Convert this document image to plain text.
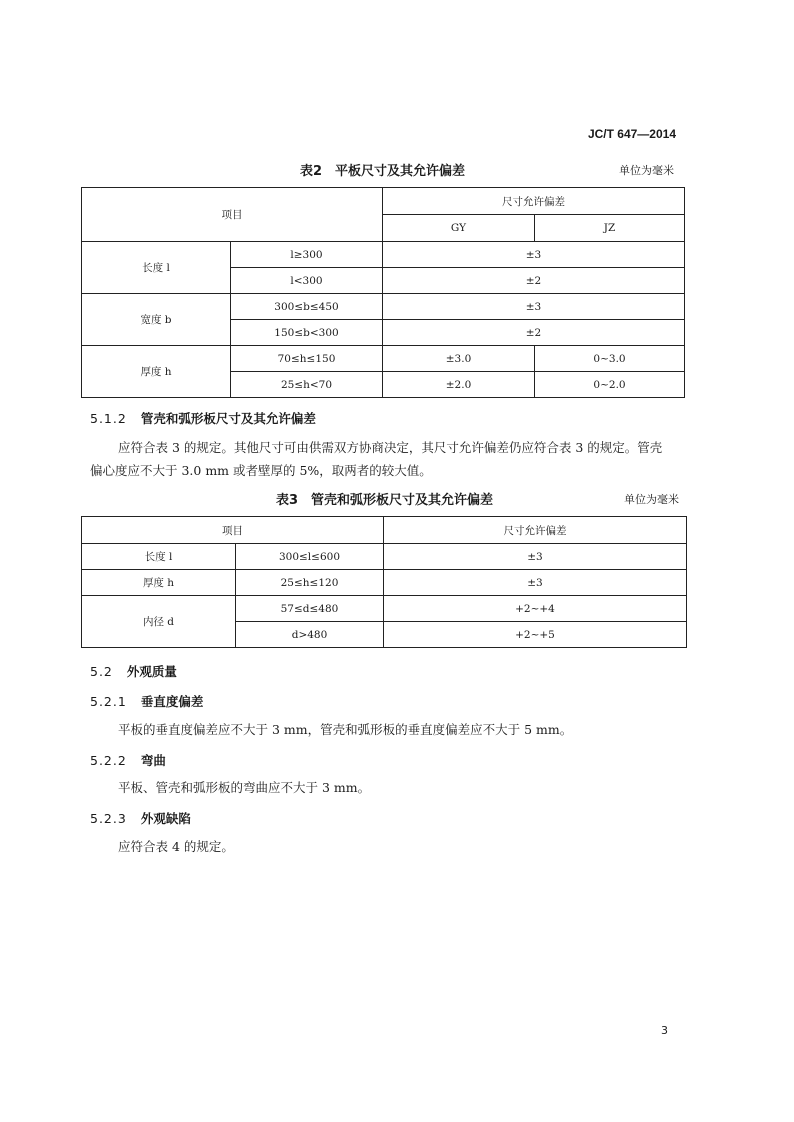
JC/T 647—2014
表2　平板尺寸及其允许偏差	单位为毫米
项目		尺寸允许偏差	
		GY	JZ
长度 l	l≥300	±3	
	l<300	±2	
宽度 b	300≤b≤450	±3	
	150≤b<300	±2	
厚度 h	70≤h≤150	±3.0	0~3.0
	25≤h<70	±2.0	0~2.0
5.1.2 管壳和弧形板尺寸及其允许偏差
应符合表 3 的规定。其他尺寸可由供需双方协商决定，其尺寸允许偏差仍应符合表 3 的规定。管壳
偏心度应不大于 3.0 mm 或者壁厚的 5%，取两者的较大值。
表3　管壳和弧形板尺寸及其允许偏差	单位为毫米
项目		尺寸允许偏差
长度 l	300≤l≤600	±3
厚度 h	25≤h≤120	±3
内径 d	57≤d≤480	+2~+4
	d>480	+2~+5
5.2 外观质量
5.2.1 垂直度偏差
平板的垂直度偏差应不大于 3 mm，管壳和弧形板的垂直度偏差应不大于 5 mm。
5.2.2 弯曲
平板、管壳和弧形板的弯曲应不大于 3 mm。
5.2.3 外观缺陷
应符合表 4 的规定。
3
